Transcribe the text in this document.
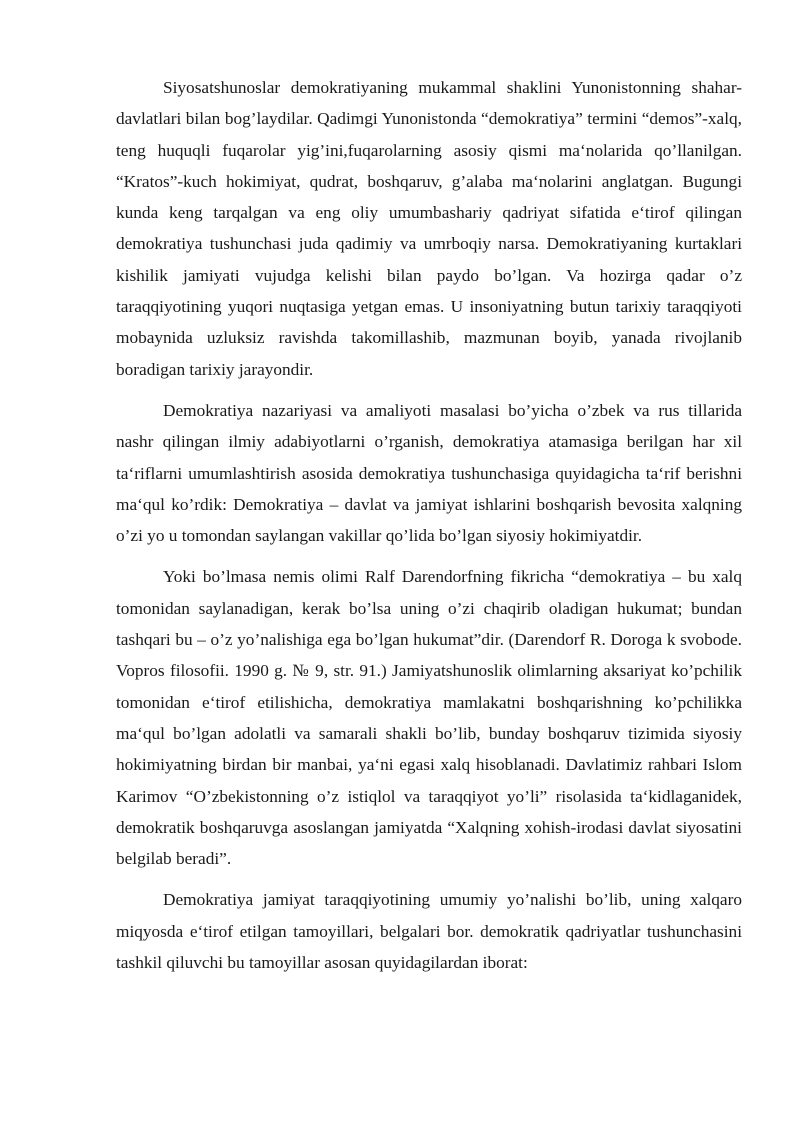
Siyosatshunoslar demokratiyaning mukammal shaklini Yunonistonning shahar-davlatlari bilan bog’laydilar. Qadimgi Yunonistonda “demokratiya” termini “demos”-xalq, teng huquqli fuqarolar yig’ini,fuqarolarning asosiy qismi ma‘nolarida qo’llanilgan. “Kratos”-kuch hokimiyat, qudrat, boshqaruv, g’alaba ma‘nolarini anglatgan. Bugungi kunda keng tarqalgan va eng oliy umumbashariy qadriyat sifatida e‘tirof qilingan demokratiya tushunchasi juda qadimiy va umrboqiy narsa. Demokratiyaning kurtaklari kishilik jamiyati vujudga kelishi bilan paydo bo’lgan. Va hozirga qadar o’z taraqqiyotining yuqori nuqtasiga yetgan emas. U insoniyatning butun tarixiy taraqqiyoti mobaynida uzluksiz ravishda takomillashib, mazmunan boyib, yanada rivojlanib boradigan tarixiy jarayondir.

Demokratiya nazariyasi va amaliyoti masalasi bo’yicha o’zbek va rus tillarida nashr qilingan ilmiy adabiyotlarni o’rganish, demokratiya atamasiga berilgan har xil ta‘riflarni umumlashtirish asosida demokratiya tushunchasiga quyidagicha ta‘rif berishni ma‘qul ko’rdik: Demokratiya – davlat va jamiyat ishlarini boshqarish bevosita xalqning o’zi yo u tomondan saylangan vakillar qo’lida bo’lgan siyosiy hokimiyatdir.

Yoki bo’lmasa nemis olimi Ralf Darendorfning fikricha “demokratiya – bu xalq tomonidan saylanadigan, kerak bo’lsa uning o’zi chaqirib oladigan hukumat; bundan tashqari bu – o’z yo’nalishiga ega bo’lgan hukumat”dir. (Darendorf R. Doroga k svobode. Vopros filosofii. 1990 g. № 9, str. 91.) Jamiyatshunoslik olimlarning aksariyat ko’pchilik tomonidan e‘tirof etilishicha, demokratiya mamlakatni boshqarishning ko’pchilikka ma‘qul bo’lgan adolatli va samarali shakli bo’lib, bunday boshqaruv tizimida siyosiy hokimiyatning birdan bir manbai, ya‘ni egasi xalq hisoblanadi. Davlatimiz rahbari Islom Karimov “O’zbekistonning o’z istiqlol va taraqqiyot yo’li” risolasida ta‘kidlaganidek, demokratik boshqaruvga asoslangan jamiyatda “Xalqning xohish-irodasi davlat siyosatini belgilab beradi”.

Demokratiya jamiyat taraqqiyotining umumiy yo’nalishi bo’lib, uning xalqaro miqyosda e‘tirof etilgan tamoyillari, belgalari bor. demokratik qadriyatlar tushunchasini tashkil qiluvchi bu tamoyillar asosan quyidagilardan iborat:
